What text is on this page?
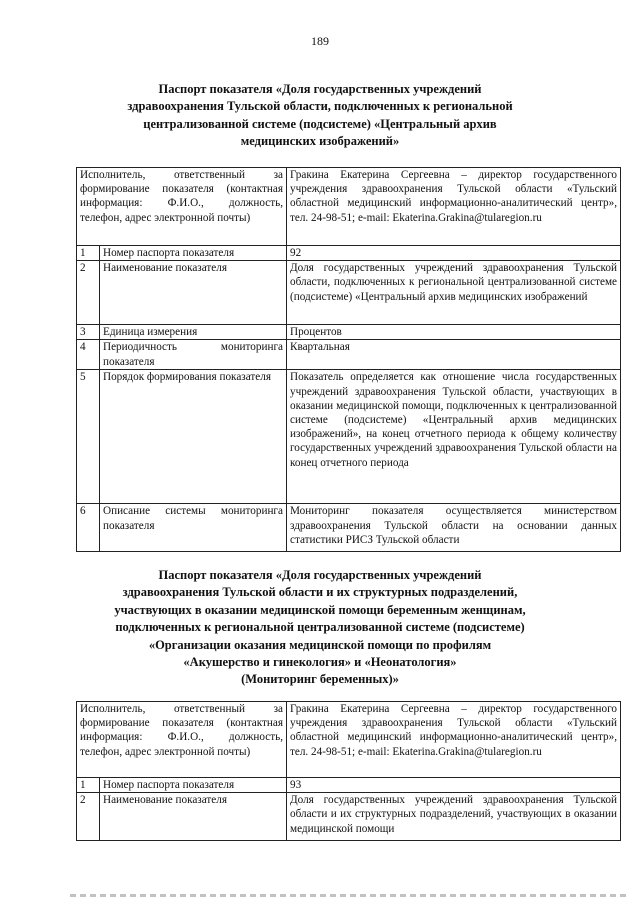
189
Паспорт показателя «Доля государственных учреждений
здравоохранения Тульской области, подключенных к региональной
централизованной системе (подсистеме) «Центральный архив
медицинских изображений»
Исполнитель, ответственный за формирование показателя (контактная информация: Ф.И.О., должность, телефон, адрес электронной почты)		Гракина Екатерина Сергеевна – директор государственного учреждения здравоохранения Тульской области «Тульский областной медицинский информационно-аналитический центр», тел. 24-98-51; e-mail: Ekaterina.Grakina@tularegion.ru
1	Номер паспорта показателя	92
2	Наименование показателя	Доля государственных учреждений здравоохранения Тульской области, подключенных к региональной централизованной системе (подсистеме) «Центральный архив медицинских изображений
3	Единица измерения	Процентов
4	Периодичность мониторинга показателя	Квартальная
5	Порядок формирования показателя	Показатель определяется как отношение числа государственных учреждений здравоохранения Тульской области, участвующих в оказании медицинской помощи, подключенных к централизованной системе (подсистеме) «Центральный архив медицинских изображений», на конец отчетного периода к общему количеству государственных учреждений здравоохранения Тульской области на конец отчетного периода
6	Описание системы мониторинга показателя	Мониторинг показателя осуществляется министерством здравоохранения Тульской области на основании данных статистики РИСЗ Тульской области
Паспорт показателя «Доля государственных учреждений
здравоохранения Тульской области и их структурных подразделений,
участвующих в оказании медицинской помощи беременным женщинам,
подключенных к региональной централизованной системе (подсистеме)
«Организации оказания медицинской помощи по профилям
«Акушерство и гинекология» и «Неонатология»
(Мониторинг беременных)»
Исполнитель, ответственный за формирование показателя (контактная информация: Ф.И.О., должность, телефон, адрес электронной почты)		Гракина Екатерина Сергеевна – директор государственного учреждения здравоохранения Тульской области «Тульский областной медицинский информационно-аналитический центр», тел. 24-98-51; e-mail: Ekaterina.Grakina@tularegion.ru
1	Номер паспорта показателя	93
2	Наименование показателя	Доля государственных учреждений здравоохранения Тульской области и их структурных подразделений, участвующих в оказании медицинской помощи
